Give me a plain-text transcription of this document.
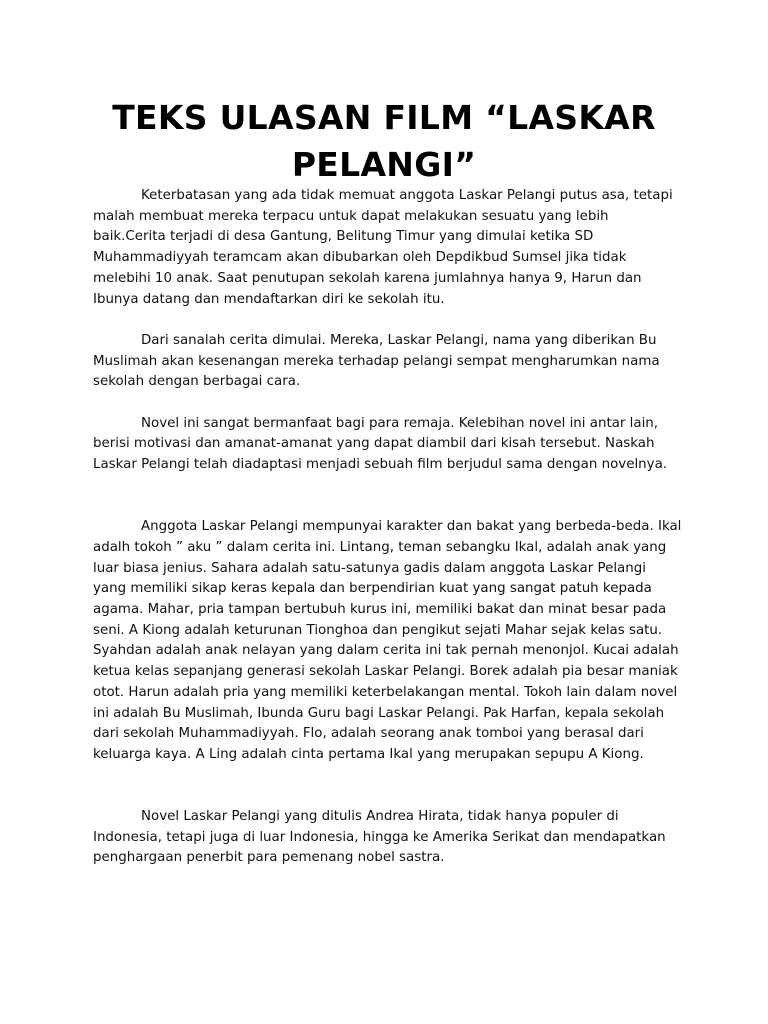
TEKS ULASAN FILM “LASKAR PELANGI”

Keterbatasan yang ada tidak memuat anggota Laskar Pelangi putus asa, tetapi malah membuat mereka terpacu untuk dapat melakukan sesuatu yang lebih baik.Cerita terjadi di desa Gantung, Belitung Timur yang dimulai ketika SD Muhammadiyyah teramcam akan dibubarkan oleh Depdikbud Sumsel jika tidak melebihi 10 anak. Saat penutupan sekolah karena jumlahnya hanya 9, Harun dan Ibunya datang dan mendaftarkan diri ke sekolah itu.

Dari sanalah cerita dimulai. Mereka, Laskar Pelangi, nama yang diberikan Bu Muslimah akan kesenangan mereka terhadap pelangi sempat mengharumkan nama sekolah dengan berbagai cara.

Novel ini sangat bermanfaat bagi para remaja. Kelebihan novel ini antar lain, berisi motivasi dan amanat-amanat yang dapat diambil dari kisah tersebut. Naskah Laskar Pelangi telah diadaptasi menjadi sebuah film berjudul sama dengan novelnya.

Anggota Laskar Pelangi mempunyai karakter dan bakat yang berbeda-beda. Ikal adalh tokoh ” aku ” dalam cerita ini. Lintang, teman sebangku Ikal, adalah anak yang luar biasa jenius. Sahara adalah satu-satunya gadis dalam anggota Laskar Pelangi yang memiliki sikap keras kepala dan berpendirian kuat yang sangat patuh kepada agama. Mahar, pria tampan bertubuh kurus ini, memiliki bakat dan minat besar pada seni. A Kiong adalah keturunan Tionghoa dan pengikut sejati Mahar sejak kelas satu. Syahdan adalah anak nelayan yang dalam cerita ini tak pernah menonjol. Kucai adalah ketua kelas sepanjang generasi sekolah Laskar Pelangi. Borek adalah pia besar maniak otot. Harun adalah pria yang memiliki keterbelakangan mental. Tokoh lain dalam novel ini adalah Bu Muslimah, Ibunda Guru bagi Laskar Pelangi. Pak Harfan, kepala sekolah dari sekolah Muhammadiyyah. Flo, adalah seorang anak tomboi yang berasal dari keluarga kaya. A Ling adalah cinta pertama Ikal yang merupakan sepupu A Kiong.

Novel Laskar Pelangi yang ditulis Andrea Hirata, tidak hanya populer di Indonesia, tetapi juga di luar Indonesia, hingga ke Amerika Serikat dan mendapatkan penghargaan penerbit para pemenang nobel sastra.
